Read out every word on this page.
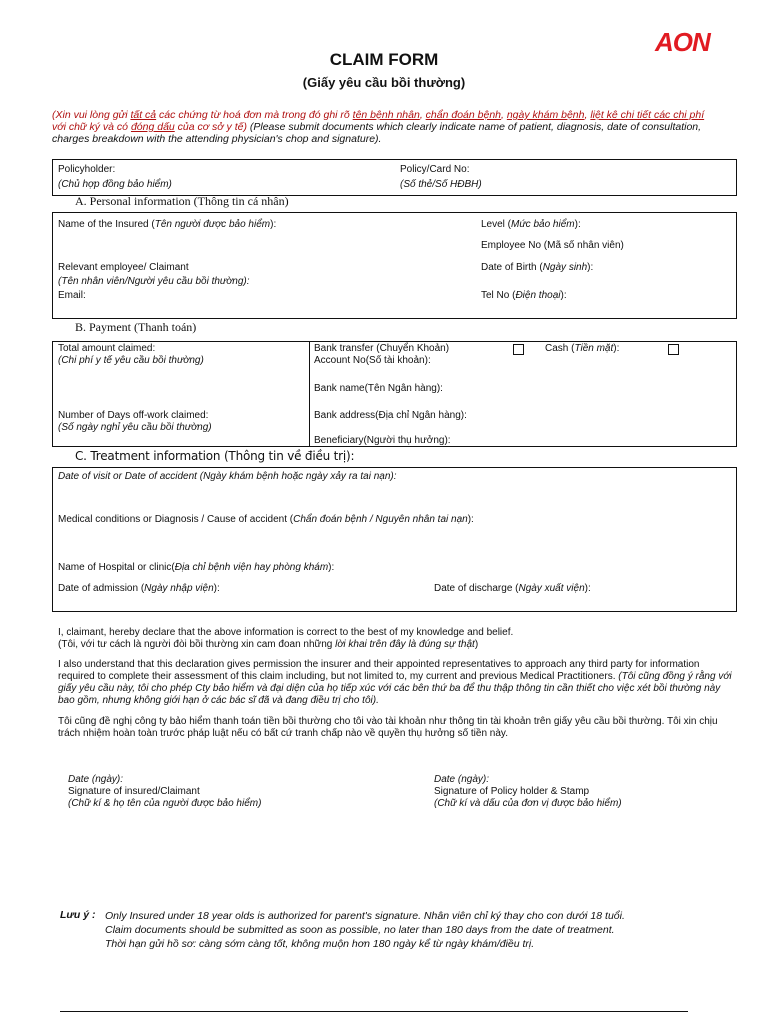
AON
CLAIM FORM
(Giấy yêu cầu bồi thường)
(Xin vui lòng gửi tất cả các chứng từ hoá đơn mà trong đó ghi rõ tên bệnh nhân, chẩn đoán bệnh, ngày khám bệnh, liệt kê chi tiết các chi phí với chữ ký và có đóng dấu của cơ sở y tế) (Please submit documents which clearly indicate name of patient, diagnosis, date of consultation, charges breakdown with the attending physician's chop and signature).
Policyholder:
(Chủ hợp đồng bảo hiểm)
Policy/Card No:
(Số thẻ/Số HĐBH)
A. Personal information (Thông tin cá nhân)
Name of the Insured (Tên người được bảo hiểm):	Level (Mức bảo hiểm):
Employee No (Mã số nhân viên)
Relevant employee/ Claimant
(Tên nhân viên/Người yêu cầu bồi thường):
Date of Birth (Ngày sinh):
Email:	Tel No (Điện thoại):
B. Payment (Thanh toán)
Total amount claimed:
(Chi phí y tế yêu cầu bồi thường)
Number of Days off-work claimed:
(Số ngày nghỉ yêu cầu bồi thường)
Bank transfer (Chuyển Khoản)	Cash (Tiền mặt):
Account No(Số tài khoản):
Bank name(Tên Ngân hàng):
Bank address(Địa chỉ Ngân hàng):
Beneficiary(Người thụ hưởng):
C. Treatment information (Thông tin về điều trị):
Date of visit or Date of accident (Ngày khám bệnh hoặc ngày xảy ra tai nạn):
Medical conditions or Diagnosis / Cause of accident (Chẩn đoán bệnh / Nguyên nhân tai nạn):
Name of Hospital or clinic(Địa chỉ bệnh viện hay phòng khám):
Date of admission (Ngày nhập viện):	Date of discharge (Ngày xuất viện):
I, claimant, hereby declare that the above information is correct to the best of my knowledge and belief.
(Tôi, với tư cách là người đòi bồi thường xin cam đoan những lời khai trên đây là đúng sự thật)
I also understand that this declaration gives permission the insurer and their appointed representatives to approach any third party for information required to complete their assessment of this claim including, but not limited to, my current and previous Medical Practitioners. (Tôi cũng đồng ý rằng với giấy yêu cầu này, tôi cho phép Cty bảo hiểm và đại diện của họ tiếp xúc với các bên thứ ba để thu thập thông tin cần thiết cho việc xét bồi thường này bao gồm, nhưng không giới hạn ở các bác sĩ đã và đang điều trị cho tôi).
Tôi cũng đề nghị công ty bảo hiểm thanh toán tiền bồi thường cho tôi vào tài khoản như thông tin tài khoản trên giấy yêu cầu bồi thường. Tôi xin chịu trách nhiệm hoàn toàn trước pháp luật nếu có bất cứ tranh chấp nào về quyền thụ hưởng số tiền này.
Date (ngày):
Signature of insured/Claimant
(Chữ kí & họ tên của người được bảo hiểm)
Date (ngày):
Signature of Policy holder & Stamp
(Chữ kí và dấu của đơn vị được bảo hiểm)
Lưu ý : Only Insured under 18 year olds is authorized for parent's signature. Nhân viên chỉ ký thay cho con dưới 18 tuổi.
Claim documents should be submitted as soon as possible, no later than 180 days from the date of treatment.
Thời hạn gửi hồ sơ: càng sớm càng tốt, không muộn hơn 180 ngày kể từ ngày khám/điều trị.
